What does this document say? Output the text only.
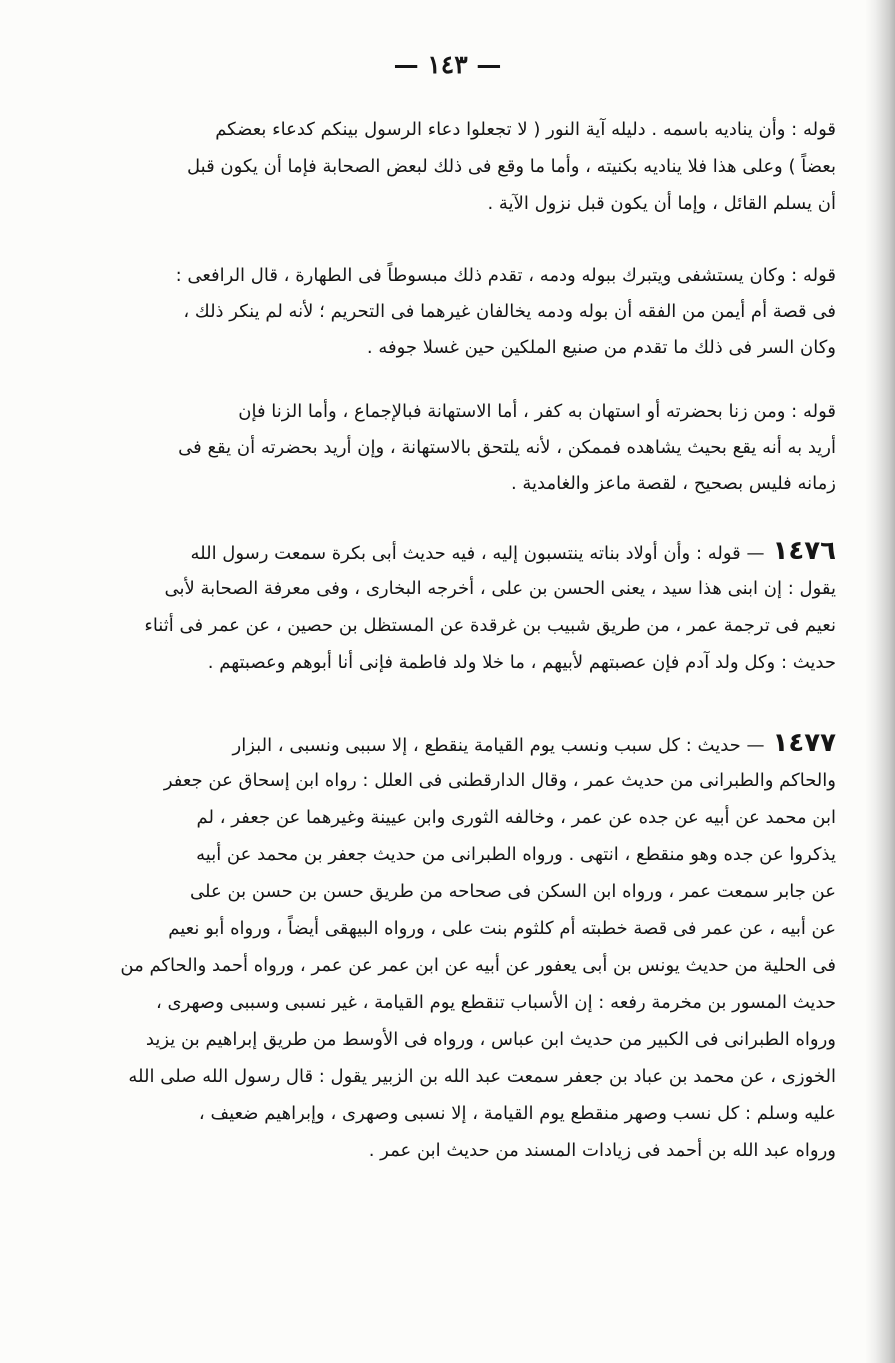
— ١٤٣ —
قوله : وأن يناديه باسمه . دليله آية النور ( لا تجعلوا دعاء الرسول بينكم كدعاء بعضكم
بعضاً ) وعلى هذا فلا يناديه بكنيته ، وأما ما وقع فى ذلك لبعض الصحابة فإما أن يكون قبل
أن يسلم القائل ، وإما أن يكون قبل نزول الآية .
قوله : وكان يستشفى ويتبرك ببوله ودمه ، تقدم ذلك مبسوطاً فى الطهارة ، قال الرافعى :
فى قصة أم أيمن من الفقه أن بوله ودمه يخالفان غيرهما فى التحريم ؛ لأنه لم ينكر ذلك ،
وكان السر فى ذلك ما تقدم من صنيع الملكين حين غسلا جوفه .
قوله : ومن زنا بحضرته أو استهان به كفر ، أما الاستهانة فبالإجماع ، وأما الزنا فإن
أريد به أنه يقع بحيث يشاهده فممكن ، لأنه يلتحق بالاستهانة ، وإن أريد بحضرته أن يقع فى
زمانه فليس بصحيح ، لقصة ماعز والغامدية .
١٤٧٦— قوله : وأن أولاد بناته ينتسبون إليه ، فيه حديث أبى بكرة سمعت رسول الله
يقول : إن ابنى هذا سيد ، يعنى الحسن بن على ، أخرجه البخارى ، وفى معرفة الصحابة لأبى
نعيم فى ترجمة عمر ، من طريق شبيب بن غرقدة عن المستظل بن حصين ، عن عمر فى أثناء
حديث : وكل ولد آدم فإن عصبتهم لأبيهم ، ما خلا ولد فاطمة فإنى أنا أبوهم وعصبتهم .
١٤٧٧— حديث : كل سبب ونسب يوم القيامة ينقطع ، إلا سببى ونسبى ، البزار
والحاكم والطبرانى من حديث عمر ، وقال الدارقطنى فى العلل : رواه ابن إسحاق عن جعفر
ابن محمد عن أبيه عن جده عن عمر ، وخالفه الثورى وابن عيينة وغيرهما عن جعفر ، لم
يذكروا عن جده وهو منقطع ، انتهى . ورواه الطبرانى من حديث جعفر بن محمد عن أبيه
عن جابر سمعت عمر ، ورواه ابن السكن فى صحاحه من طريق حسن بن حسن بن على
عن أبيه ، عن عمر فى قصة خطبته أم كلثوم بنت على ، ورواه البيهقى أيضاً ، ورواه أبو نعيم
فى الحلية من حديث يونس بن أبى يعفور عن أبيه عن ابن عمر عن عمر ، ورواه أحمد والحاكم من
حديث المسور بن مخرمة رفعه : إن الأسباب تنقطع يوم القيامة ، غير نسبى وسببى وصهرى ،
ورواه الطبرانى فى الكبير من حديث ابن عباس ، ورواه فى الأوسط من طريق إبراهيم بن يزيد
الخوزى ، عن محمد بن عباد بن جعفر سمعت عبد الله بن الزبير يقول : قال رسول الله صلى الله
عليه وسلم : كل نسب وصهر منقطع يوم القيامة ، إلا نسبى وصهرى ، وإبراهيم ضعيف ،
ورواه عبد الله بن أحمد فى زيادات المسند من حديث ابن عمر .
